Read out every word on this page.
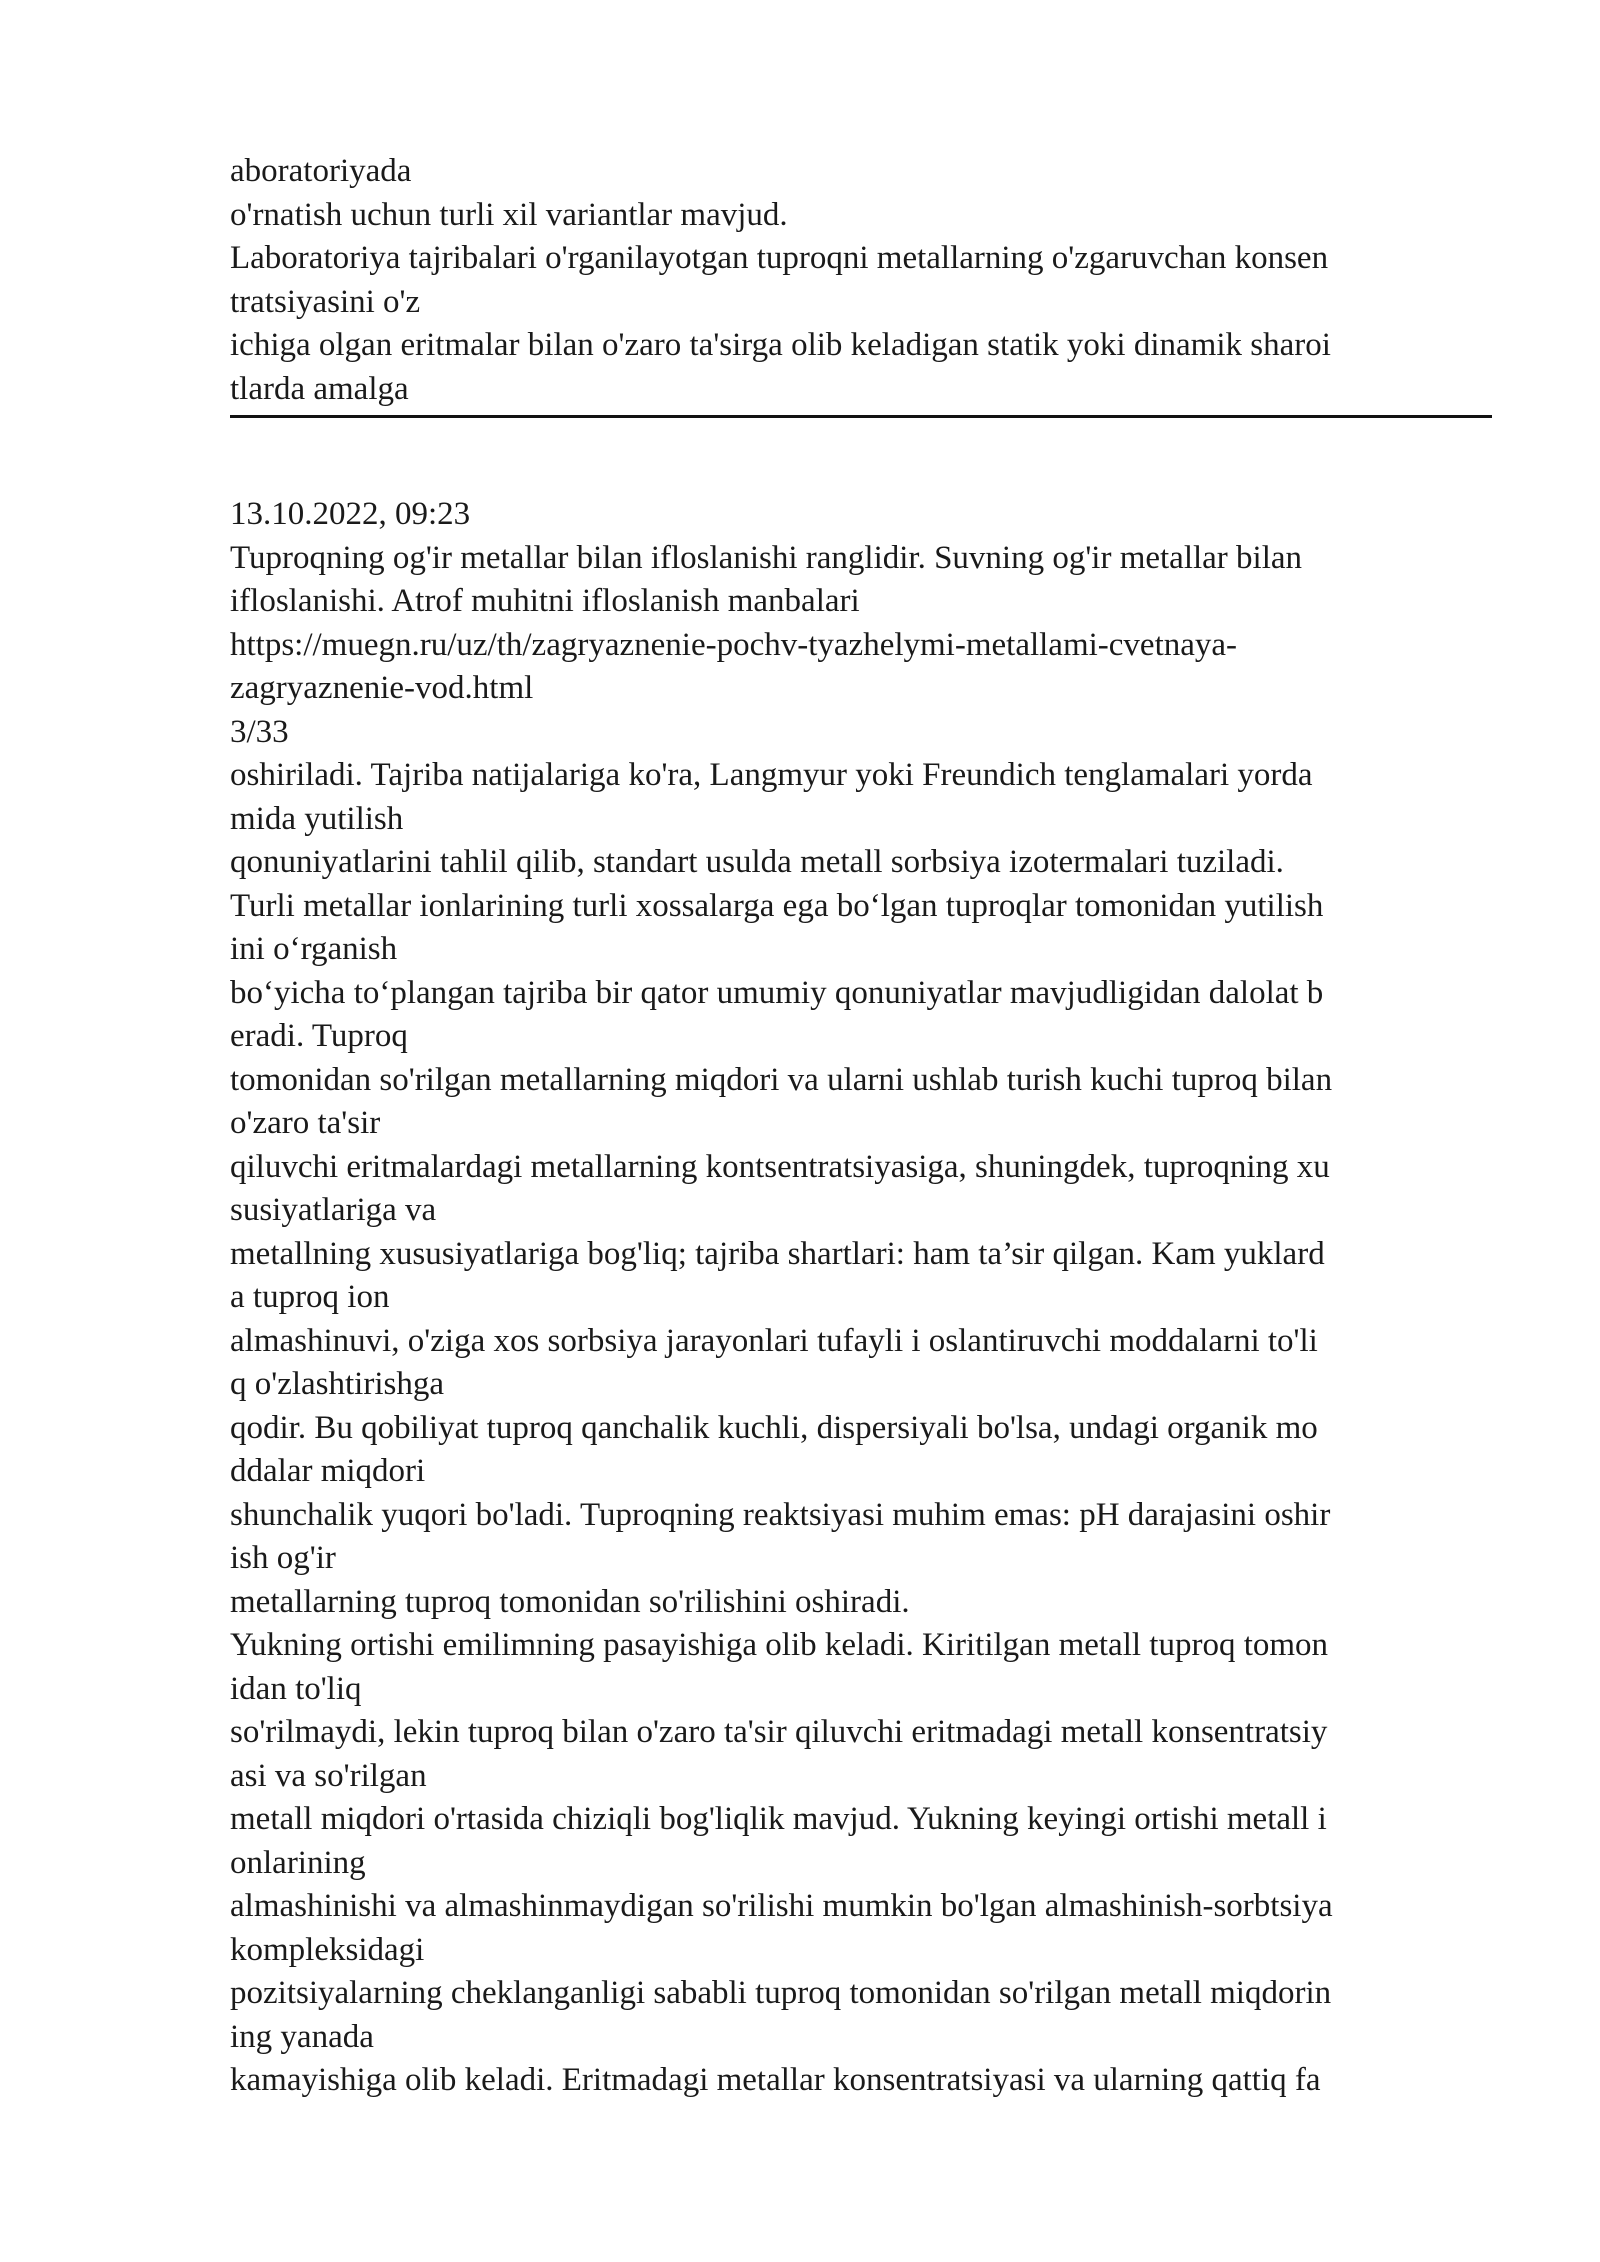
aboratoriyada
o'rnatish uchun turli xil variantlar mavjud.
Laboratoriya tajribalari o'rganilayotgan tuproqni metallarning o'zgaruvchan konsen
tratsiyasini o'z
ichiga olgan eritmalar bilan o'zaro ta'sirga olib keladigan statik yoki dinamik sharoi
tlarda amalga
13.10.2022, 09:23
Tuproqning og'ir metallar bilan ifloslanishi ranglidir. Suvning og'ir metallar bilan
ifloslanishi. Atrof muhitni ifloslanish manbalari
https://muegn.ru/uz/th/zagryaznenie-pochv-tyazhelymi-metallami-cvetnaya-
zagryaznenie-vod.html
3/33
oshiriladi. Tajriba natijalariga ko'ra, Langmyur yoki Freundich tenglamalari yorda
mida yutilish
qonuniyatlarini tahlil qilib, standart usulda metall sorbsiya izotermalari tuziladi.
Turli metallar ionlarining turli xossalarga ega bo‘lgan tuproqlar tomonidan yutilish
ini o‘rganish
bo‘yicha to‘plangan tajriba bir qator umumiy qonuniyatlar mavjudligidan dalolat b
eradi. Tuproq
tomonidan so'rilgan metallarning miqdori va ularni ushlab turish kuchi tuproq bilan
o'zaro ta'sir
qiluvchi eritmalardagi metallarning kontsentratsiyasiga, shuningdek, tuproqning xu
susiyatlariga va
metallning xususiyatlariga bog'liq; tajriba shartlari: ham ta’sir qilgan. Kam yuklard
a tuproq ion
almashinuvi, o'ziga xos sorbsiya jarayonlari tufayli i oslantiruvchi moddalarni to'li
q o'zlashtirishga
qodir. Bu qobiliyat tuproq qanchalik kuchli, dispersiyali bo'lsa, undagi organik mo
ddalar miqdori
shunchalik yuqori bo'ladi. Tuproqning reaktsiyasi muhim emas: pH darajasini oshir
ish og'ir
metallarning tuproq tomonidan so'rilishini oshiradi.
Yukning ortishi emilimning pasayishiga olib keladi. Kiritilgan metall tuproq tomon
idan to'liq
so'rilmaydi, lekin tuproq bilan o'zaro ta'sir qiluvchi eritmadagi metall konsentratsiy
asi va so'rilgan
metall miqdori o'rtasida chiziqli bog'liqlik mavjud. Yukning keyingi ortishi metall i
onlarining
almashinishi va almashinmaydigan so'rilishi mumkin bo'lgan almashinish-sorbtsiya
kompleksidagi
pozitsiyalarning cheklanganligi sababli tuproq tomonidan so'rilgan metall miqdorin
ing yanada
kamayishiga olib keladi. Eritmadagi metallar konsentratsiyasi va ularning qattiq fa
